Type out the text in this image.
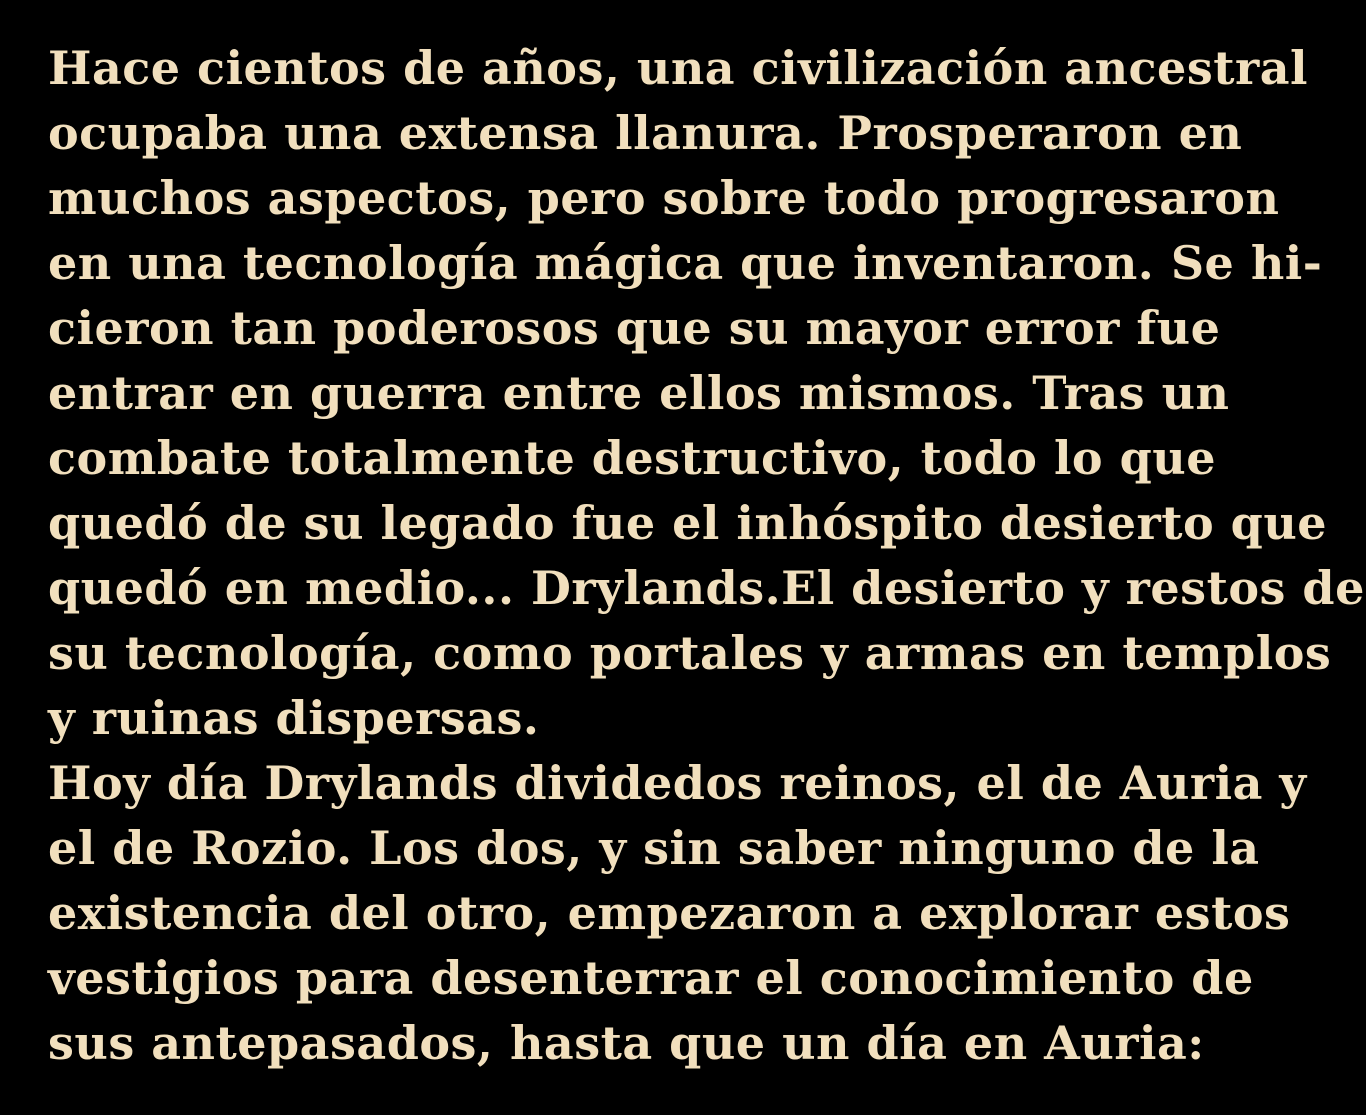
Hace cientos de años, una civilización ancestral
ocupaba una extensa llanura. Prosperaron en
muchos aspectos, pero sobre todo progresaron
en una tecnología mágica que inventaron. Se hi-
cieron tan poderosos que su mayor error fue
entrar en guerra entre ellos mismos. Tras un
combate totalmente destructivo, todo lo que
quedó de su legado fue el inhóspito desierto que
quedó en medio... Drylands.El desierto y restos de
su tecnología, como portales y armas en templos
y ruinas dispersas.
Hoy día Drylands dividedos reinos, el de Auria y
el de Rozio. Los dos, y sin saber ninguno de la
existencia del otro, empezaron a explorar estos
vestigios para desenterrar el conocimiento de
sus antepasados, hasta que un día en Auria:
